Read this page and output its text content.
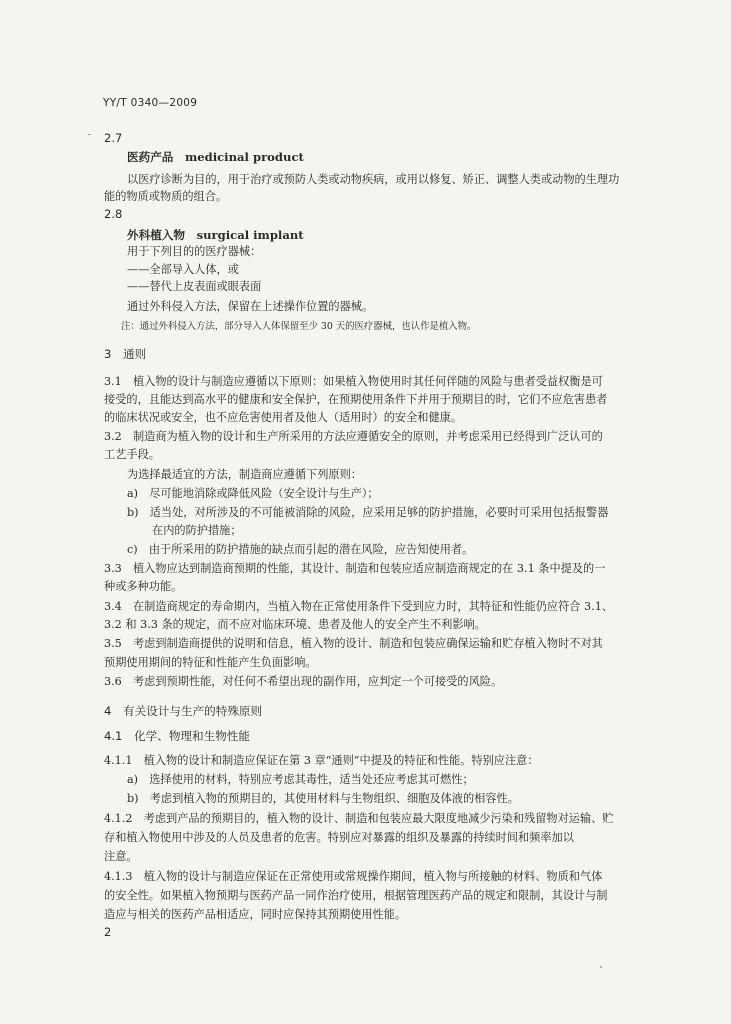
YY/T 0340—2009
2.7
医药产品　medicinal product
以医疗诊断为目的，用于治疗或预防人类或动物疾病，或用以修复、矫正、调整人类或动物的生理功
能的物质或物质的组合。
2.8
外科植入物　surgical implant
用于下列目的的医疗器械：
——全部导入人体，或
——替代上皮表面或眼表面
通过外科侵入方法，保留在上述操作位置的器械。
注：通过外科侵入方法，部分导入人体保留至少 30 天的医疗器械，也认作是植入物。
3　通则
3.1　植入物的设计与制造应遵循以下原则：如果植入物使用时其任何伴随的风险与患者受益权衡是可
接受的，且能达到高水平的健康和安全保护，在预期使用条件下并用于预期目的时，它们不应危害患者
的临床状况或安全，也不应危害使用者及他人（适用时）的安全和健康。
3.2　制造商为植入物的设计和生产所采用的方法应遵循安全的原则，并考虑采用已经得到广泛认可的
工艺手段。
为选择最适宜的方法，制造商应遵循下列原则：
a)　尽可能地消除或降低风险（安全设计与生产）；
b)　适当处，对所涉及的不可能被消除的风险，应采用足够的防护措施，必要时可采用包括报警器
在内的防护措施；
c)　由于所采用的防护措施的缺点而引起的潜在风险，应告知使用者。
3.3　植入物应达到制造商预期的性能，其设计、制造和包装应适应制造商规定的在 3.1 条中提及的一
种或多种功能。
3.4　在制造商规定的寿命期内，当植入物在正常使用条件下受到应力时，其特征和性能仍应符合 3.1、
3.2 和 3.3 条的规定，而不应对临床环境、患者及他人的安全产生不利影响。
3.5　考虑到制造商提供的说明和信息，植入物的设计、制造和包装应确保运输和贮存植入物时不对其
预期使用期间的特征和性能产生负面影响。
3.6　考虑到预期性能，对任何不希望出现的副作用，应判定一个可接受的风险。
4　有关设计与生产的特殊原则
4.1　化学、物理和生物性能
4.1.1　植入物的设计和制造应保证在第 3 章“通则”中提及的特征和性能。特别应注意：
a)　选择使用的材料，特别应考虑其毒性，适当处还应考虑其可燃性；
b)　考虑到植入物的预期目的，其使用材料与生物组织、细胞及体液的相容性。
4.1.2　考虑到产品的预期目的，植入物的设计、制造和包装应最大限度地减少污染和残留物对运输、贮
存和植入物使用中涉及的人员及患者的危害。特别应对暴露的组织及暴露的持续时间和频率加以
注意。
4.1.3　植入物的设计与制造应保证在正常使用或常规操作期间，植入物与所接触的材料、物质和气体
的安全性。如果植入物预期与医药产品一同作治疗使用，根据管理医药产品的规定和限制，其设计与制
造应与相关的医药产品相适应，同时应保持其预期使用性能。
2
